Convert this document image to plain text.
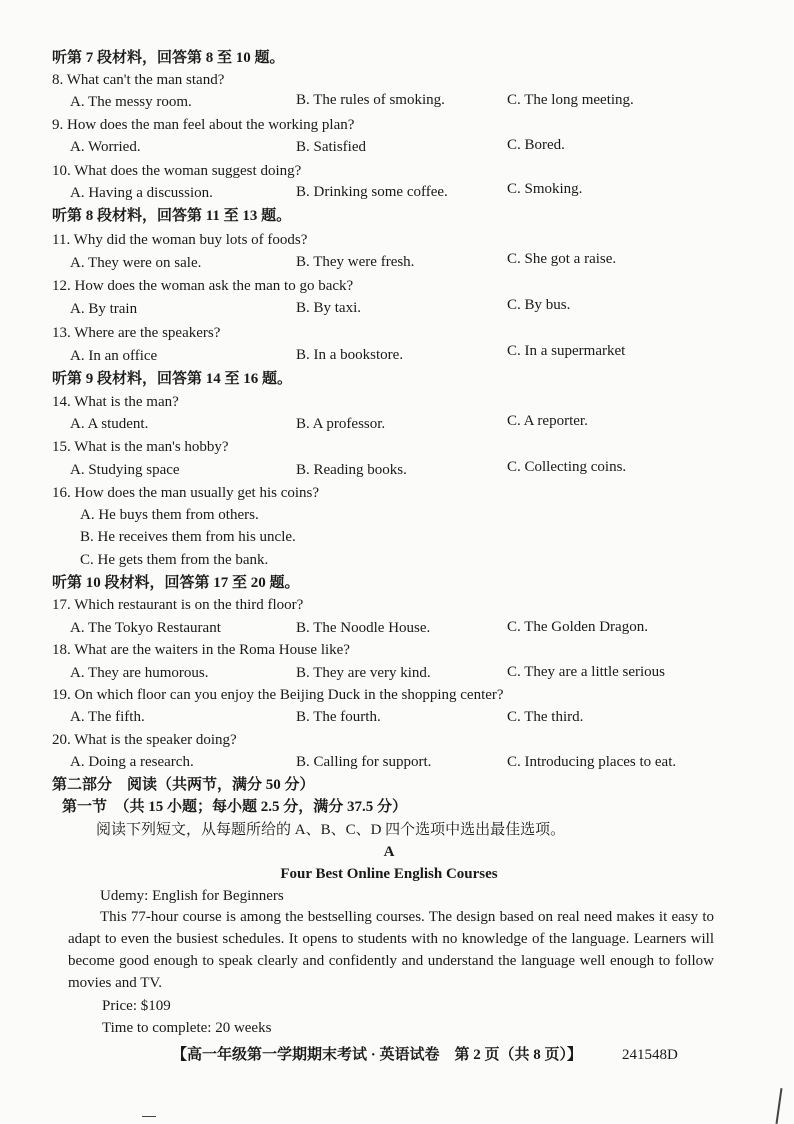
听第 7 段材料，回答第 8 至 10 题。
8. What can't the man stand?
A. The messy room.	B. The rules of smoking.	C. The long meeting.
9. How does the man feel about the working plan?
A. Worried.	B. Satisfied	C. Bored.
10. What does the woman suggest doing?
A. Having a discussion.	B. Drinking some coffee.	C. Smoking.
听第 8 段材料，回答第 11 至 13 题。
11. Why did the woman buy lots of foods?
A. They were on sale.	B. They were fresh.	C. She got a raise.
12. How does the woman ask the man to go back?
A. By train	B. By taxi.	C. By bus.
13. Where are the speakers?
A. In an office	B. In a bookstore.	C. In a supermarket
听第 9 段材料，回答第 14 至 16 题。
14. What is the man?
A. A student.	B. A professor.	C. A reporter.
15. What is the man's hobby?
A. Studying space	B. Reading books.	C. Collecting coins.
16. How does the man usually get his coins?
A. He buys them from others.
B. He receives them from his uncle.
C. He gets them from the bank.
听第 10 段材料，回答第 17 至 20 题。
17. Which restaurant is on the third floor?
A. The Tokyo Restaurant	B. The Noodle House.	C. The Golden Dragon.
18. What are the waiters in the Roma House like?
A. They are humorous.	B. They are very kind.	C. They are a little serious
19. On which floor can you enjoy the Beijing Duck in the shopping center?
A. The fifth.	B. The fourth.	C. The third.
20. What is the speaker doing?
A. Doing a research.	B. Calling for support.	C. Introducing places to eat.
第二部分　阅读（共两节，满分 50 分）
第一节　（共 15 小题；每小题 2.5 分，满分 37.5 分）
阅读下列短文，从每题所给的 A、B、C、D 四个选项中选出最佳选项。
A
Four Best Online English Courses
Udemy: English for Beginners
This 77-hour course is among the bestselling courses. The design based on real need makes it easy to adapt to even the busiest schedules. It opens to students with no knowledge of the language. Learners will become good enough to speak clearly and confidently and understand the language well enough to follow movies and TV.
Price: $109
Time to complete: 20 weeks
【高一年级第一学期期末考试 · 英语试卷　第 2 页（共 8 页）】	241548D
